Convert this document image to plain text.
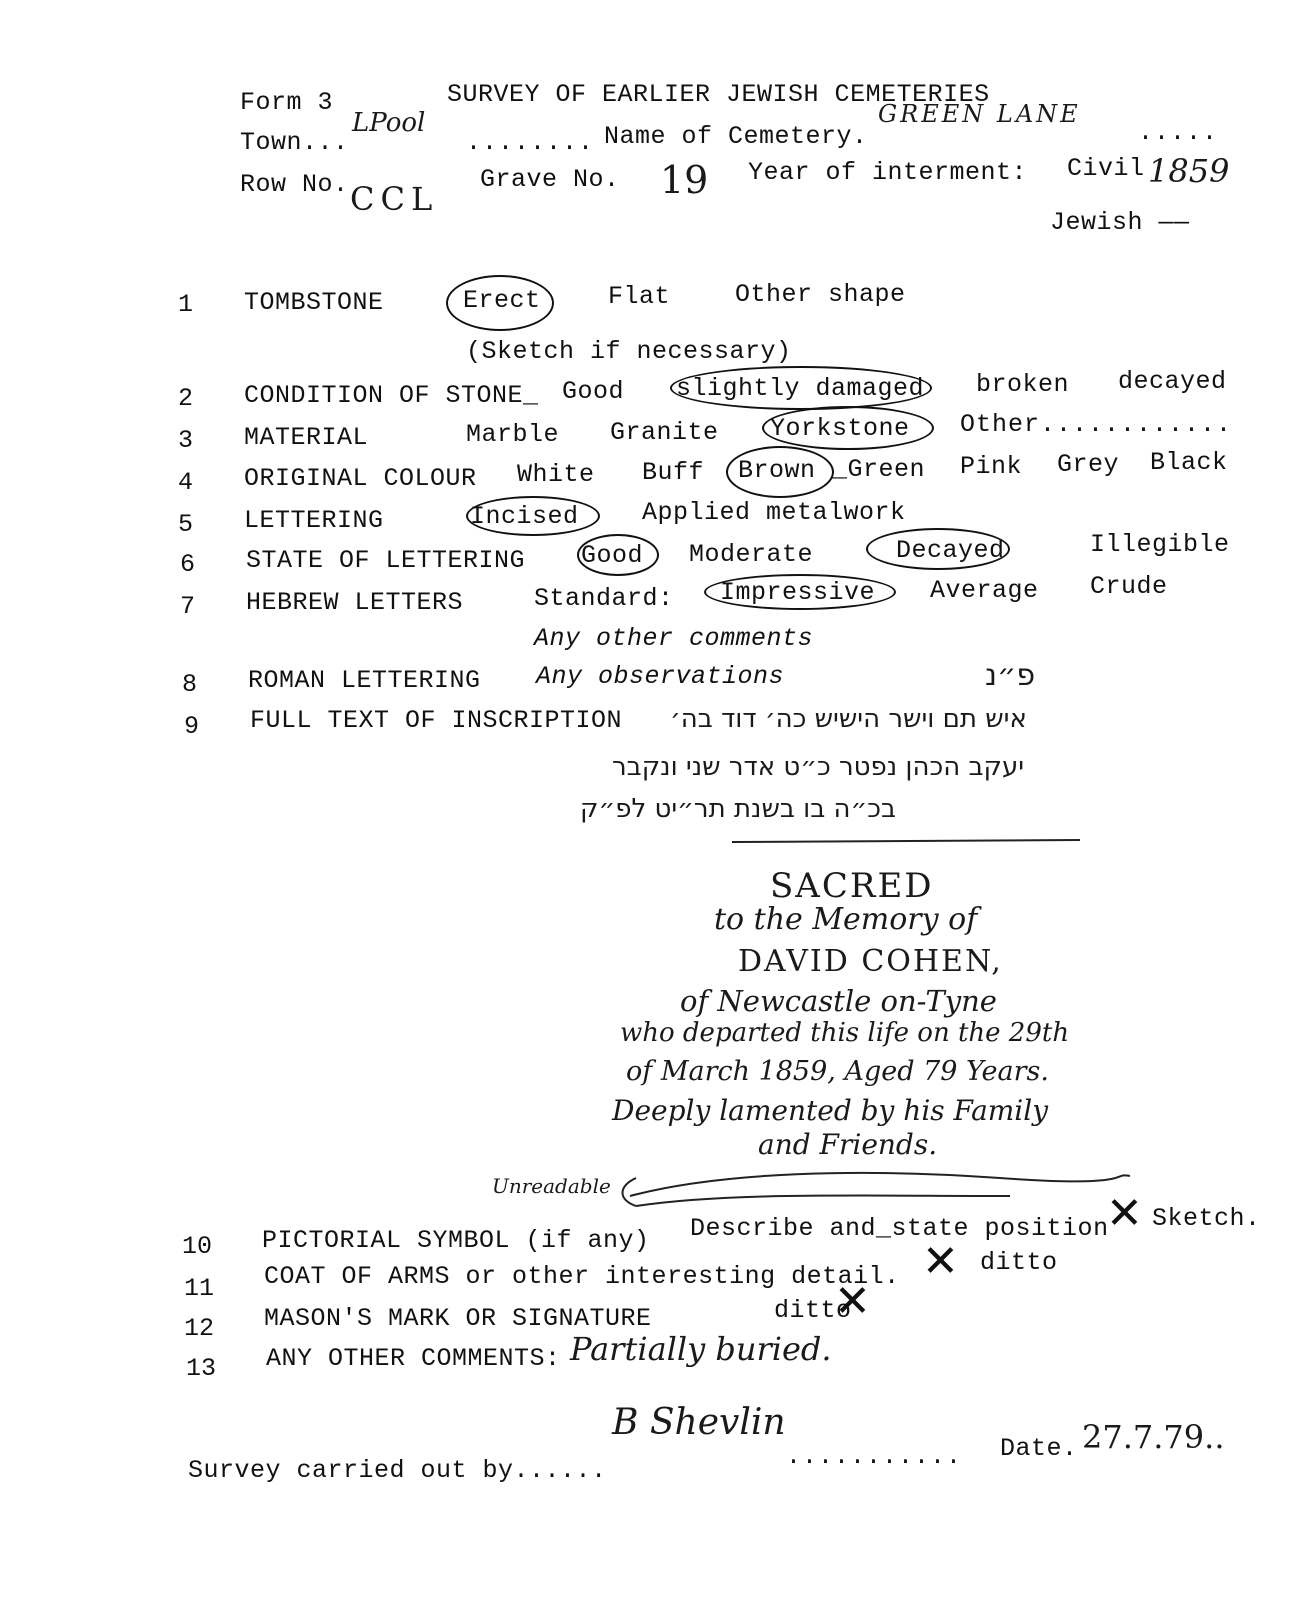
Form 3	SURVEY OF EARLIER JEWISH CEMETERIES
Town...
LPool
........ Name of Cemetery.
GREEN LANE
.....
Row No. CCL
Grave No. 19 Year of interment: Civil 1859
Jewish ——
1 TOMBSTONE	Erect	Flat	Other shape
(Sketch if necessary)
2 CONDITION OF STONE_ Good slightly damaged broken decayed
3 MATERIAL	Marble Granite Yorkstone Other............
4 ORIGINAL COLOUR White Buff Brown _Green Pink Grey Black
5 LETTERING	Incised	Applied metalwork
6 STATE OF LETTERING Good Moderate	Decayed	Illegible
7 HEBREW LETTERS	Standard: Impressive Average Crude
Any other comments
8 ROMAN LETTERING Any observations
9 FULL TEXT OF INSCRIPTION
פ״נ
איש תם וישר הישיש כה׳ דוד בה׳
יעקב הכהן נפטר כ״ט אדר שני ונקבר
בכ״ה בו בשנת תר״יט לפ״ק
SACRED
to the Memory of
DAVID COHEN,
of Newcastle on-Tyne
who departed this life on the 29th
of March 1859, Aged 79 Years.
Deeply lamented by his Family
and Friends.
Unreadable
10 PICTORIAL SYMBOL (if any) Describe and_state position
✕ Sketch.
11 COAT OF ARMS or other interesting detail. ✕ ditto
12 MASON'S MARK OR SIGNATURE	ditto
✕
13 ANY OTHER COMMENTS: Partially buried.
Survey carried out by......
B Shevlin
........... Date. 27.7.79..
